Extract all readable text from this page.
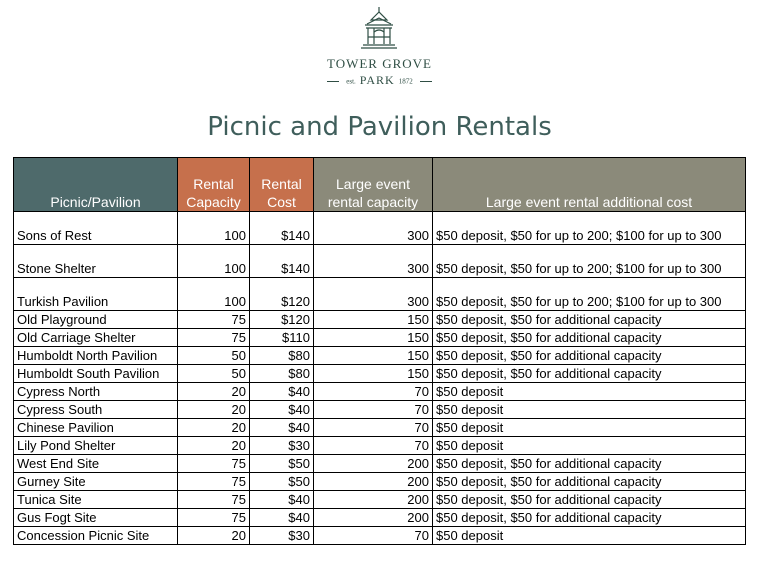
TOWER GROVE
est. PARK 1872
Picnic and Pavilion Rentals
Picnic/Pavilion	Rental Capacity	Rental Cost	Large event rental capacity	Large event rental additional cost
Sons of Rest	100	$140	300	$50 deposit, $50 for up to 200; $100 for up to 300
Stone Shelter	100	$140	300	$50 deposit, $50 for up to 200; $100 for up to 300
Turkish Pavilion	100	$120	300	$50 deposit, $50 for up to 200; $100 for up to 300
Old Playground	75	$120	150	$50 deposit, $50 for additional capacity
Old Carriage Shelter	75	$110	150	$50 deposit, $50 for additional capacity
Humboldt North Pavilion	50	$80	150	$50 deposit, $50 for additional capacity
Humboldt South Pavilion	50	$80	150	$50 deposit, $50 for additional capacity
Cypress North	20	$40	70	$50 deposit
Cypress South	20	$40	70	$50 deposit
Chinese Pavilion	20	$40	70	$50 deposit
Lily Pond Shelter	20	$30	70	$50 deposit
West End Site	75	$50	200	$50 deposit, $50 for additional capacity
Gurney Site	75	$50	200	$50 deposit, $50 for additional capacity
Tunica Site	75	$40	200	$50 deposit, $50 for additional capacity
Gus Fogt Site	75	$40	200	$50 deposit, $50 for additional capacity
Concession Picnic Site	20	$30	70	$50 deposit
